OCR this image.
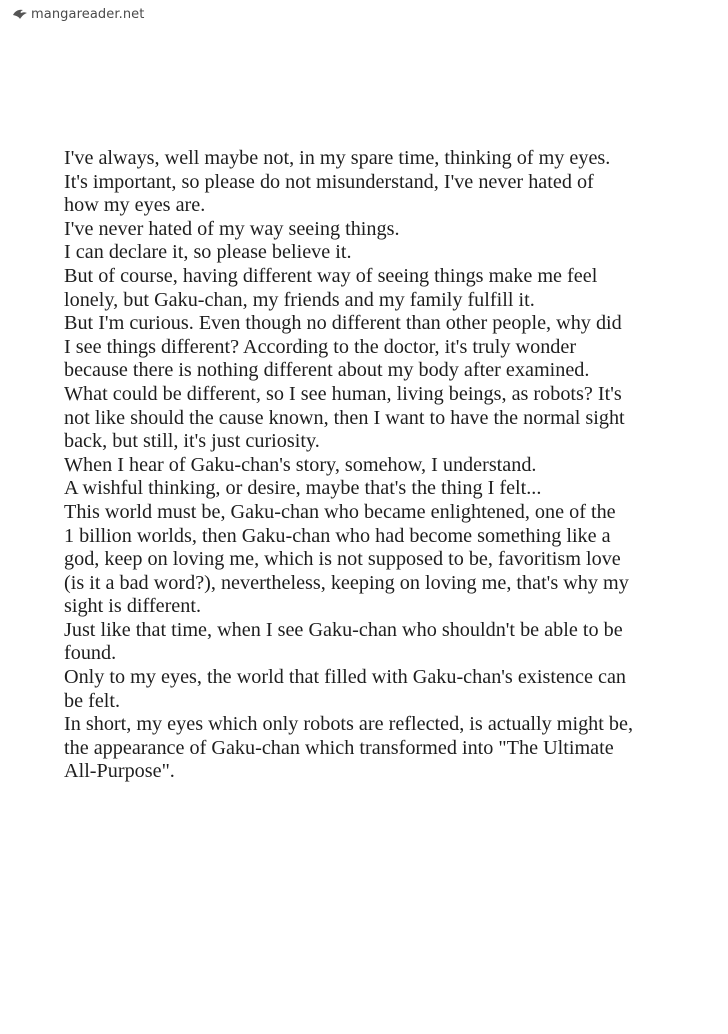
mangareader.net
I've always, well maybe not, in my spare time, thinking of my eyes.
It's important, so please do not misunderstand, I've never hated of
how my eyes are.
I've never hated of my way seeing things.
I can declare it, so please believe it.
But of course, having different way of seeing things make me feel
lonely, but Gaku-chan, my friends and my family fulfill it.
But I'm curious. Even though no different than other people, why did
I see things different? According to the doctor, it's truly wonder
because there is nothing different about my body after examined.
What could be different, so I see human, living beings, as robots? It's
not like should the cause known, then I want to have the normal sight
back, but still, it's just curiosity.
When I hear of Gaku-chan's story, somehow, I understand.
A wishful thinking, or desire, maybe that's the thing I felt...
This world must be, Gaku-chan who became enlightened, one of the
1 billion worlds, then Gaku-chan who had become something like a
god, keep on loving me, which is not supposed to be, favoritism love
(is it a bad word?), nevertheless, keeping on loving me, that's why my
sight is different.
Just like that time, when I see Gaku-chan who shouldn't be able to be
found.
Only to my eyes, the world that filled with Gaku-chan's existence can
be felt.
In short, my eyes which only robots are reflected, is actually might be,
the appearance of Gaku-chan which transformed into "The Ultimate
All-Purpose".
